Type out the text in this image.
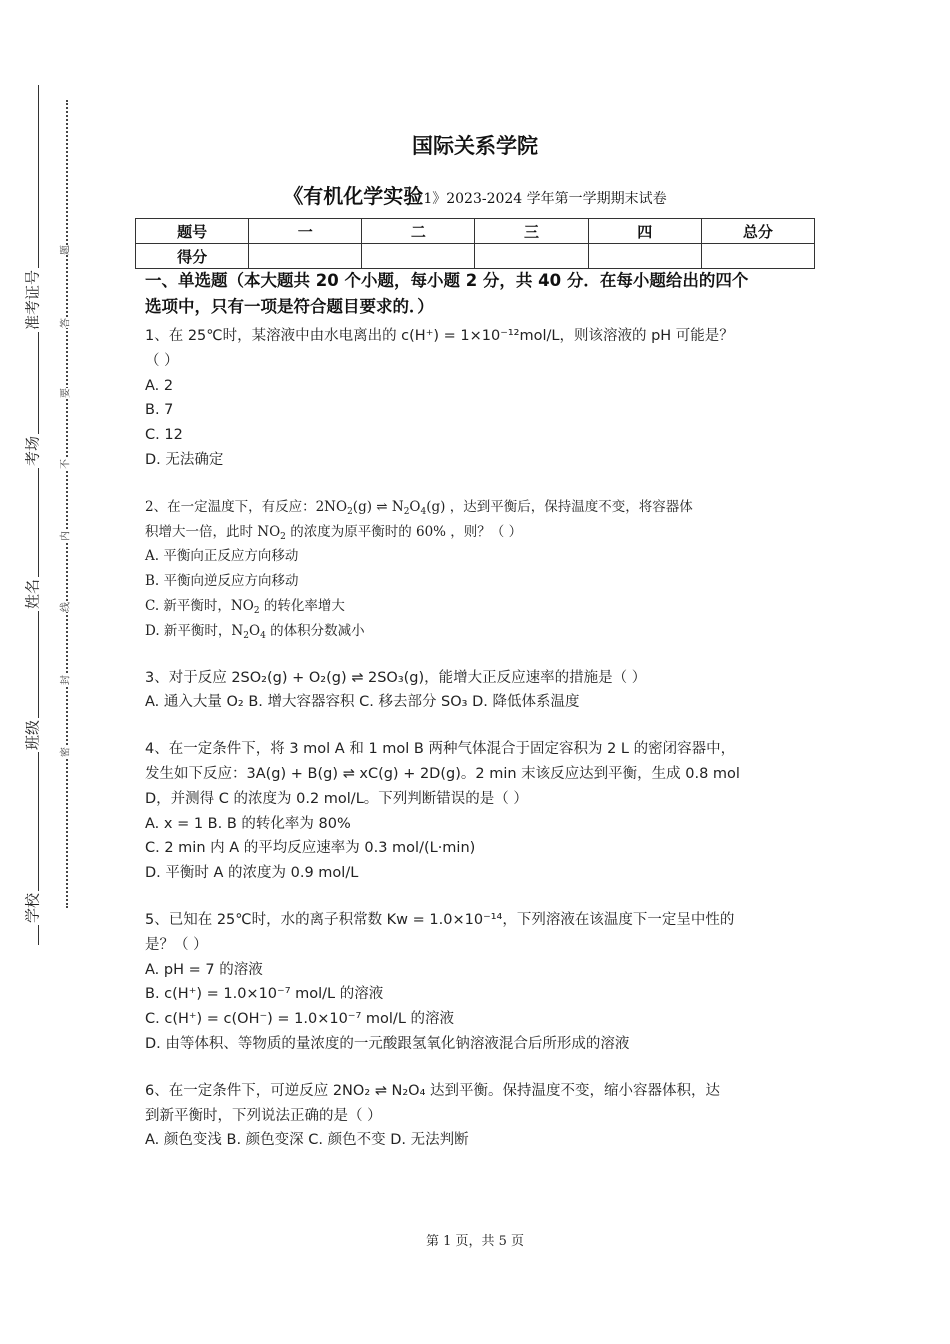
准考证号
考场
姓名
班级
学校
题
答
要
不
内
线
封
密
国际关系学院
《有机化学实验1》2023-2024 学年第一学期期末试卷
题号	一	二	三	四	总分
得分					
一、单选题（本大题共 20 个小题，每小题 2 分，共 40 分．在每小题给出的四个
选项中，只有一项是符合题目要求的．）
1、在 25℃时，某溶液中由水电离出的 c(H⁺) = 1×10⁻¹²mol/L，则该溶液的 pH 可能是？
（ ）
A. 2
B. 7
C. 12
D. 无法确定
2、在一定温度下，有反应：$2NO_2(g)$ ⇌ $N_2O_4(g)$ ，达到平衡后，保持温度不变，将容器体
积增大一倍，此时 $NO_2$ 的浓度为原平衡时的 60% ，则？（ ）
A. 平衡向正反应方向移动
B. 平衡向逆反应方向移动
C. 新平衡时，$NO_2$ 的转化率增大
D. 新平衡时，$N_2O_4$ 的体积分数减小
3、对于反应 2SO₂(g) + O₂(g) ⇌ 2SO₃(g)，能增大正反应速率的措施是（ ）
A. 通入大量 O₂ B. 增大容器容积 C. 移去部分 SO₃ D. 降低体系温度
4、在一定条件下，将 3 mol A 和 1 mol B 两种气体混合于固定容积为 2 L 的密闭容器中，
发生如下反应：3A(g) + B(g) ⇌ xC(g) + 2D(g)。2 min 末该反应达到平衡，生成 0.8 mol
D，并测得 C 的浓度为 0.2 mol/L。下列判断错误的是（ ）
A. x = 1 B. B 的转化率为 80%
C. 2 min 内 A 的平均反应速率为 0.3 mol/(L·min)
D. 平衡时 A 的浓度为 0.9 mol/L
5、已知在 25℃时，水的离子积常数 Kw = 1.0×10⁻¹⁴，下列溶液在该温度下一定呈中性的
是？（ ）
A. pH = 7 的溶液
B. c(H⁺) = 1.0×10⁻⁷ mol/L 的溶液
C. c(H⁺) = c(OH⁻) = 1.0×10⁻⁷ mol/L 的溶液
D. 由等体积、等物质的量浓度的一元酸跟氢氧化钠溶液混合后所形成的溶液
6、在一定条件下，可逆反应 2NO₂ ⇌ N₂O₄ 达到平衡。保持温度不变，缩小容器体积，达
到新平衡时，下列说法正确的是（ ）
A. 颜色变浅 B. 颜色变深 C. 颜色不变 D. 无法判断
第 1 页，共 5 页
